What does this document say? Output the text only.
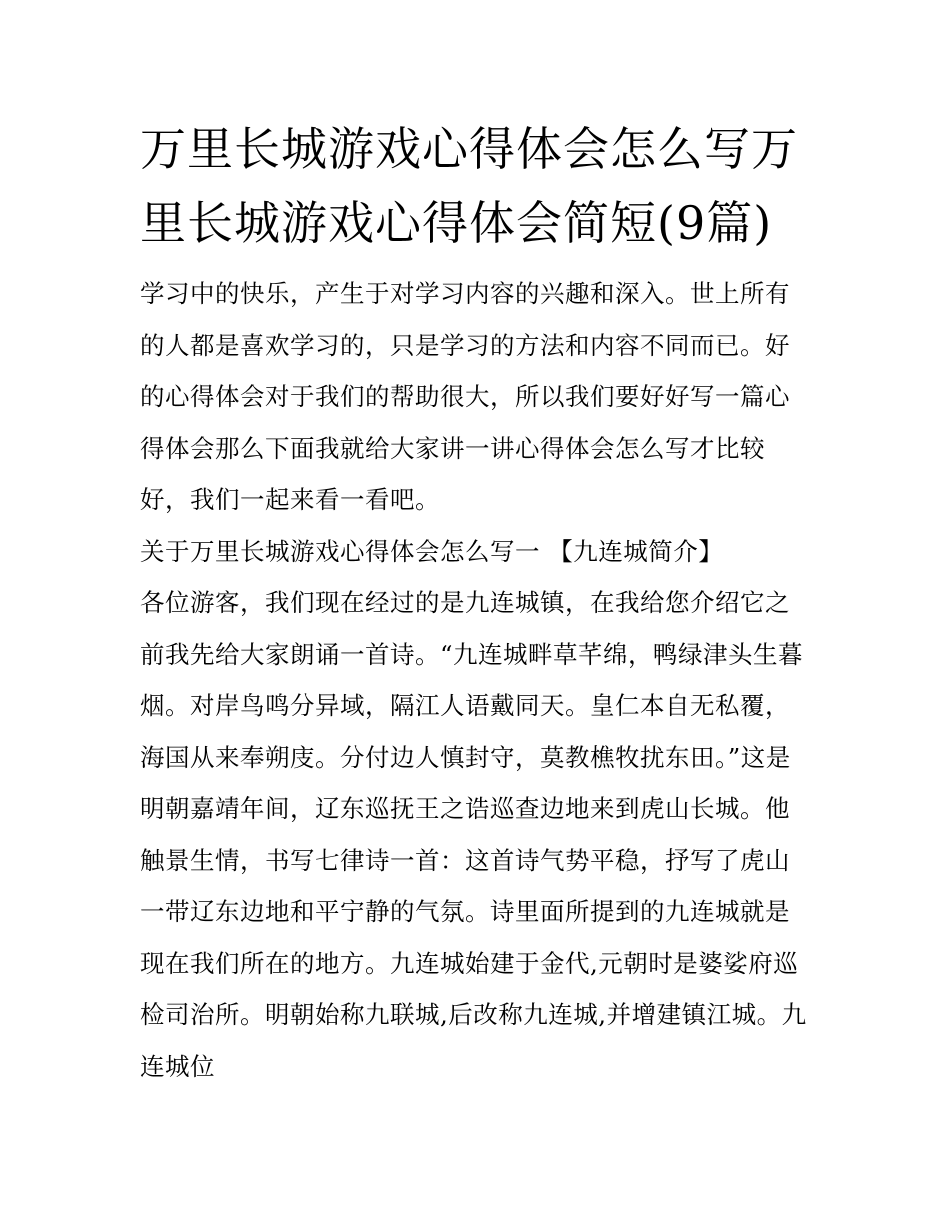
万里长城游戏心得体会怎么写万里长城游戏心得体会简短(9篇)

学习中的快乐，产生于对学习内容的兴趣和深入。世上所有的人都是喜欢学习的，只是学习的方法和内容不同而已。好的心得体会对于我们的帮助很大，所以我们要好好写一篇心得体会那么下面我就给大家讲一讲心得体会怎么写才比较好，我们一起来看一看吧。

关于万里长城游戏心得体会怎么写一 【九连城简介】

各位游客，我们现在经过的是九连城镇，在我给您介绍它之前我先给大家朗诵一首诗。“九连城畔草芊绵，鸭绿津头生暮烟。对岸鸟鸣分异域，隔江人语戴同天。皇仁本自无私覆，海国从来奉朔庋。分付边人慎封守，莫教樵牧扰东田。”这是明朝嘉靖年间，辽东巡抚王之诰巡查边地来到虎山长城。他触景生情，书写七律诗一首：这首诗气势平稳，抒写了虎山一带辽东边地和平宁静的气氛。诗里面所提到的九连城就是现在我们所在的地方。九连城始建于金代,元朝时是婆娑府巡检司治所。明朝始称九联城,后改称九连城,并增建镇江城。九连城位
